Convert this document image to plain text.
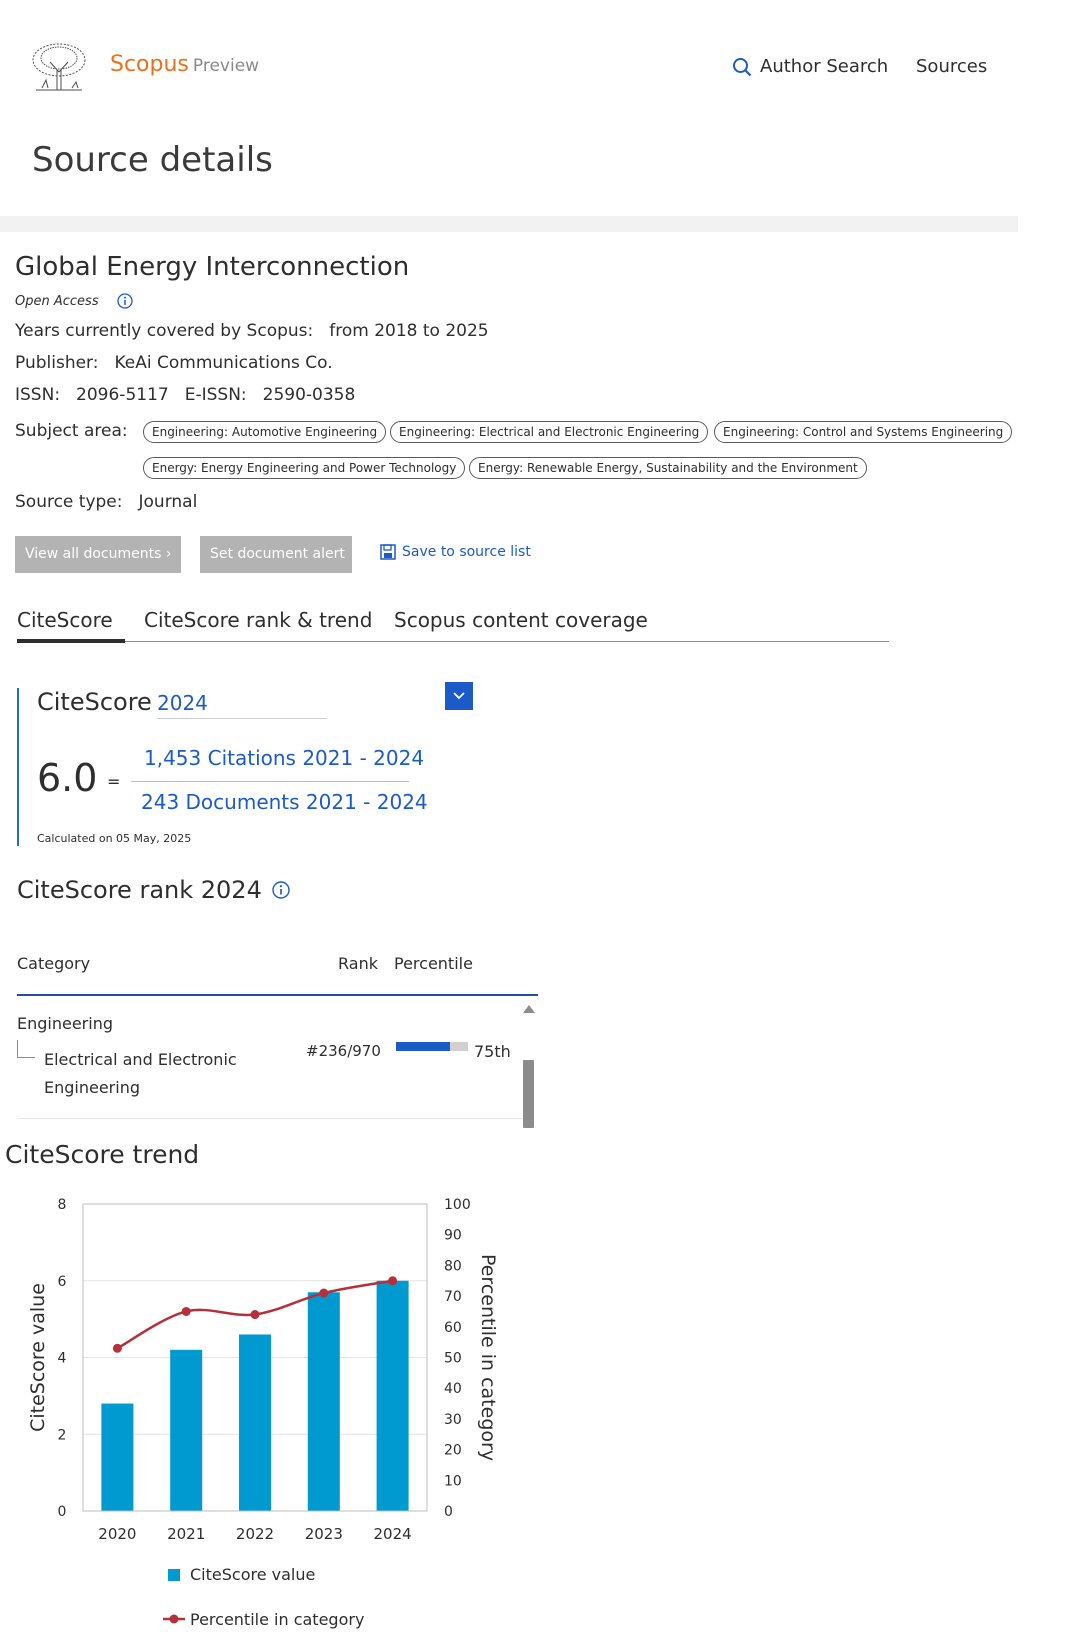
Scopus Preview	Author Search Sources
Source details
Global Energy Interconnection
Open Access
Years currently covered by Scopus: from 2018 to 2025
Publisher: KeAi Communications Co.
ISSN: 2096-5117 E-ISSN: 2590-0358
Subject area:	Engineering: Automotive Engineering	Engineering: Electrical and Electronic Engineering	Engineering: Control and Systems Engineering
Energy: Energy Engineering and Power Technology	Energy: Renewable Energy, Sustainability and the Environment
Source type: Journal
View all documents ›	Set document alert	Save to source list
CiteScore CiteScore rank & trend Scopus content coverage
CiteScore 2024
6.0 =
1,453 Citations 2021 - 2024
243 Documents 2021 - 2024
Calculated on 05 May, 2025
CiteScore rank 2024
Category	Rank Percentile
Engineering
Electrical and Electronic Engineering
#236/970	75th
CiteScore trend
0
2
4
6
8
0
10
20
30
40
50
60
70
80
90
100
2020 2021 2022 2023 2024
CiteScore value	Percentile in category
CiteScore value
Percentile in category
